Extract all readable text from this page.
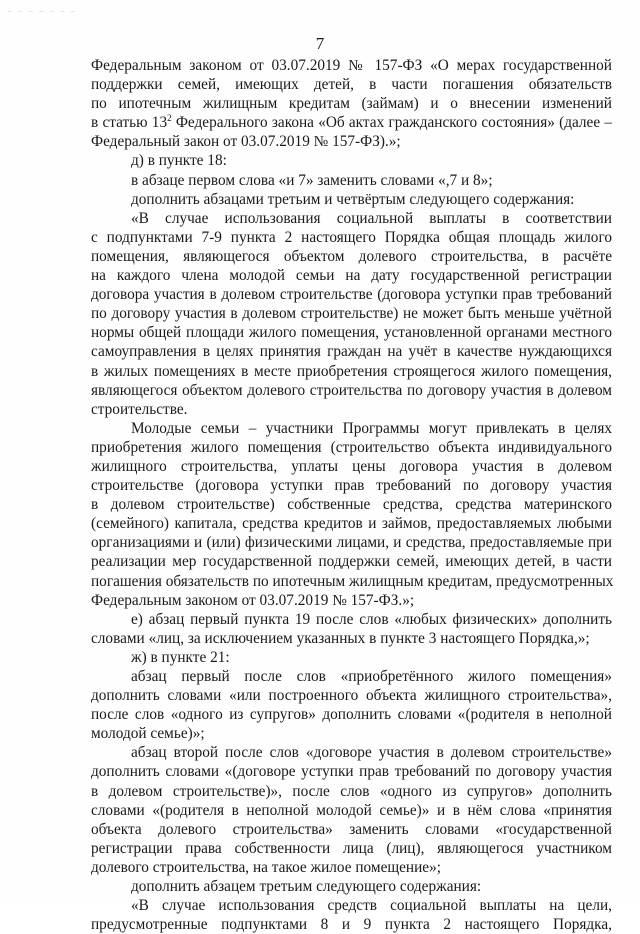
_ _ _ _ _ _ _
7
Федеральным законом от 03.07.2019 № 157-ФЗ «О мерах государственной
поддержки семей, имеющих детей, в части погашения обязательств
по ипотечным жилищным кредитам (займам) и о внесении изменений
в статью $13^2$ Федерального закона «Об актах гражданского состояния» (далее –
Федеральный закон от 03.07.2019 № 157-ФЗ).»;
д) в пункте 18:
в абзаце первом слова «и 7» заменить словами «,7 и 8»;
дополнить абзацами третьим и четвёртым следующего содержания:
«В случае использования социальной выплаты в соответствии
с подпунктами 7-9 пункта 2 настоящего Порядка общая площадь жилого
помещения, являющегося объектом долевого строительства, в расчёте
на каждого члена молодой семьи на дату государственной регистрации
договора участия в долевом строительстве (договора уступки прав требований
по договору участия в долевом строительстве) не может быть меньше учётной
нормы общей площади жилого помещения, установленной органами местного
самоуправления в целях принятия граждан на учёт в качестве нуждающихся
в жилых помещениях в месте приобретения строящегося жилого помещения,
являющегося объектом долевого строительства по договору участия в долевом
строительстве.
Молодые семьи – участники Программы могут привлекать в целях
приобретения жилого помещения (строительство объекта индивидуального
жилищного строительства, уплаты цены договора участия в долевом
строительстве (договора уступки прав требований по договору участия
в долевом строительстве) собственные средства, средства материнского
(семейного) капитала, средства кредитов и займов, предоставляемых любыми
организациями и (или) физическими лицами, и средства, предоставляемые при
реализации мер государственной поддержки семей, имеющих детей, в части
погашения обязательств по ипотечным жилищным кредитам, предусмотренных
Федеральным законом от 03.07.2019 № 157-ФЗ.»;
е) абзац первый пункта 19 после слов «любых физических» дополнить
словами «лиц, за исключением указанных в пункте 3 настоящего Порядка,»;
ж) в пункте 21:
абзац первый после слов «приобретённого жилого помещения»
дополнить словами «или построенного объекта жилищного строительства»,
после слов «одного из супругов» дополнить словами «(родителя в неполной
молодой семье)»;
абзац второй после слов «договоре участия в долевом строительстве»
дополнить словами «(договоре уступки прав требований по договору участия
в долевом строительстве)», после слов «одного из супругов» дополнить
словами «(родителя в неполной молодой семье)» и в нём слова «принятия
объекта долевого строительства» заменить словами «государственной
регистрации права собственности лица (лиц), являющегося участником
долевого строительства, на такое жилое помещение»;
дополнить абзацем третьим следующего содержания:
«В случае использования средств социальной выплаты на цели,
предусмотренные подпунктами 8 и 9 пункта 2 настоящего Порядка,
